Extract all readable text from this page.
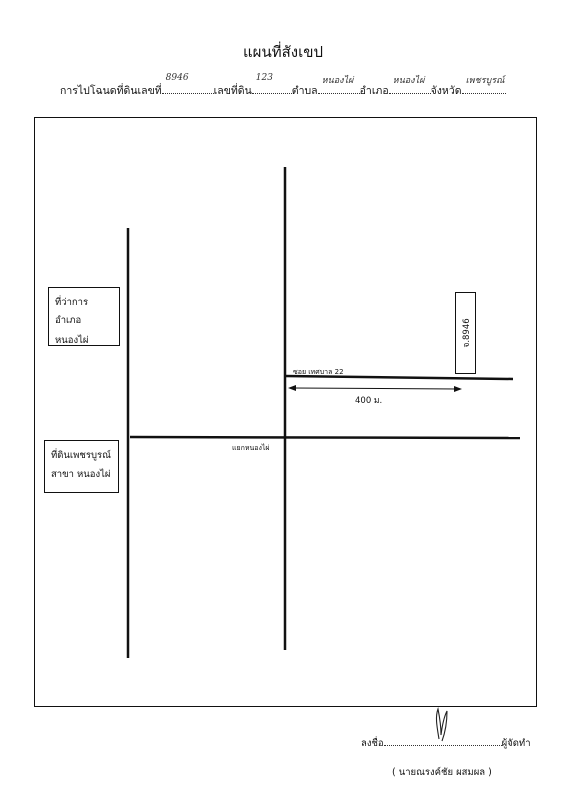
แผนที่สังเขป
การไปโฉนดที่ดินเลขที่
8946
เลขที่ดิน
123
ตำบล
หนองไผ่
อำเภอ
หนองไผ่
จังหวัด
เพชรบูรณ์
ที่ว่าการอำเภอ
หนองไผ่
ที่ดินเพชรบูรณ์
สาขา หนองไผ่
จ.8946
ซอย เทศบาล 22
400 ม.
แยกหนองไผ่
ลงชื่อ	ผู้จัดทำ
( นายณรงค์ชัย ผสมผล )
